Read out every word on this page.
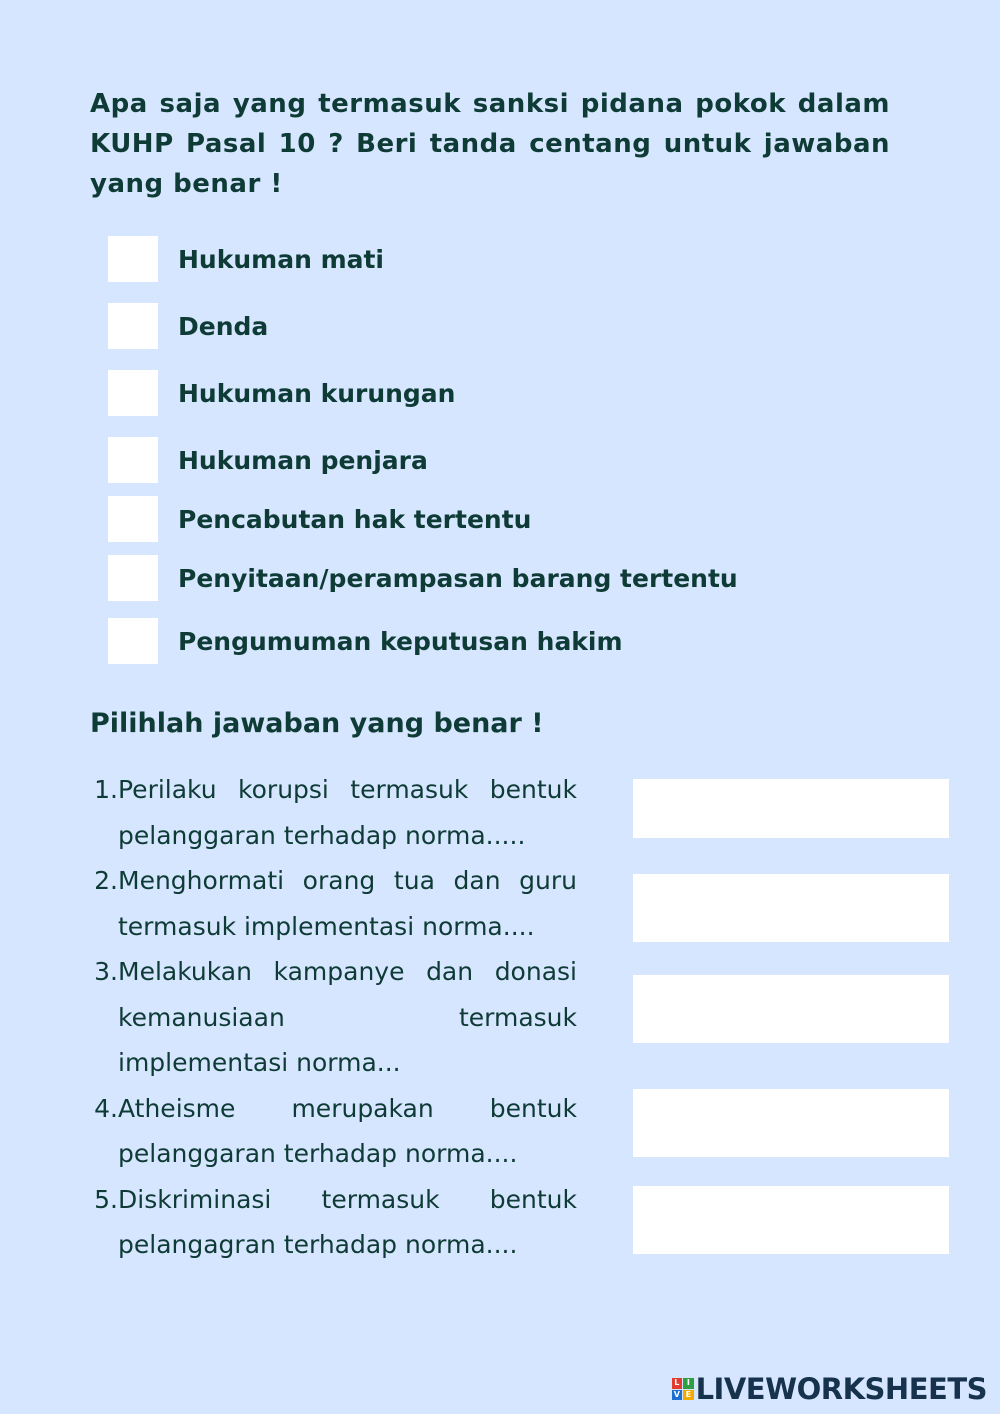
Apa saja yang termasuk sanksi pidana pokok dalam KUHP Pasal 10 ? Beri tanda centang untuk jawaban yang benar !

Hukuman mati
Denda
Hukuman kurungan
Hukuman penjara
Pencabutan hak tertentu
Penyitaan/perampasan barang tertentu
Pengumuman keputusan hakim
Pilihlah jawaban yang benar !
1. Perilaku korupsi termasuk bentuk pelanggaran terhadap norma.....
2. Menghormati orang tua dan guru termasuk implementasi norma....
3. Melakukan kampanye dan donasi kemanusiaan termasuk implementasi norma...
4. Atheisme merupakan bentuk pelanggaran terhadap norma....
5. Diskriminasi termasuk bentuk pelangagran terhadap norma....
L I
V E LIVEWORKSHEETS
